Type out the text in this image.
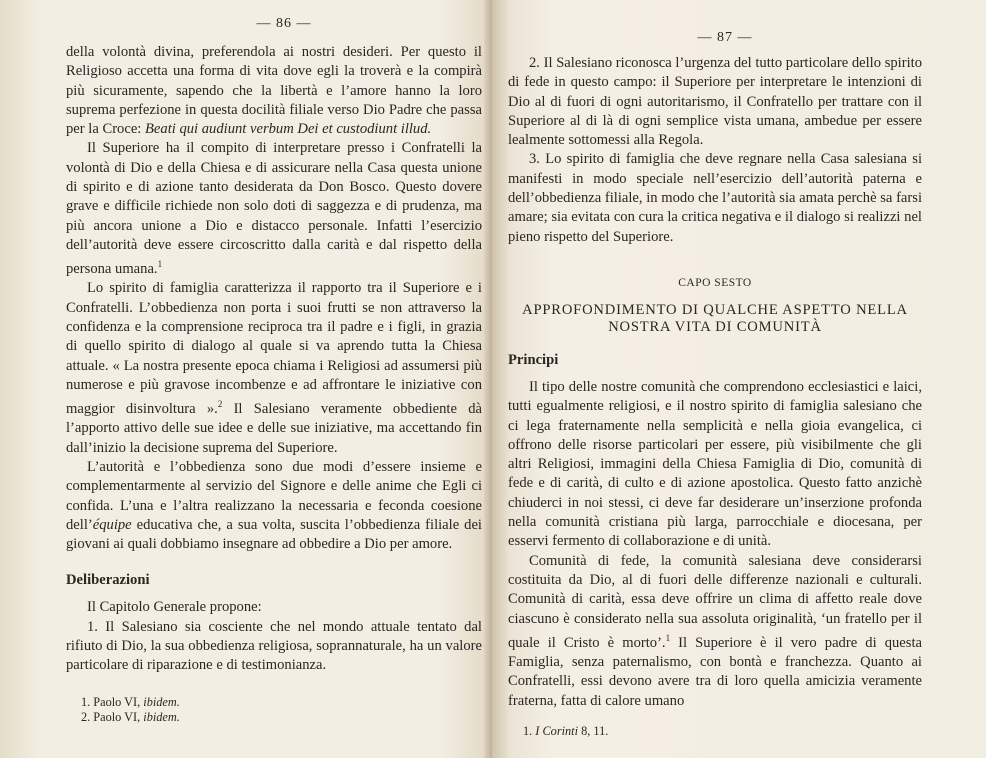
— 86 —

della volontà divina, preferendola ai nostri desideri. Per questo il Religioso accetta una forma di vita dove egli la troverà e la compirà più sicuramente, sapendo che la libertà e l’amore hanno la loro suprema perfezione in questa docilità filiale verso Dio Padre che passa per la Croce: Beati qui audiunt verbum Dei et custodiunt illud.

Il Superiore ha il compito di interpretare presso i Confratelli la volontà di Dio e della Chiesa e di assicurare nella Casa questa unione di spirito e di azione tanto desiderata da Don Bosco. Questo dovere grave e difficile richiede non solo doti di saggezza e di prudenza, ma più ancora unione a Dio e distacco personale. Infatti l’esercizio dell’autorità deve essere circoscritto dalla carità e dal rispetto della persona umana.$^1$

Lo spirito di famiglia caratterizza il rapporto tra il Superiore e i Confratelli. L’obbedienza non porta i suoi frutti se non attraverso la confidenza e la comprensione reciproca tra il padre e i figli, in grazia di quello spirito di dialogo al quale si va aprendo tutta la Chiesa attuale. « La nostra presente epoca chiama i Religiosi ad assumersi più numerose e più gravose incombenze e ad affrontare le iniziative con maggior disinvoltura ».$^2$ Il Salesiano veramente obbediente dà l’apporto attivo delle sue idee e delle sue iniziative, ma accettando fin dall’inizio la decisione suprema del Superiore.

L’autorità e l’obbedienza sono due modi d’essere insieme e complementarmente al servizio del Signore e delle anime che Egli ci confida. L’una e l’altra realizzano la necessaria e feconda coesione dell’équipe educativa che, a sua volta, suscita l’obbedienza filiale dei giovani ai quali dobbiamo insegnare ad obbedire a Dio per amore.

Deliberazioni

Il Capitolo Generale propone:

1. Il Salesiano sia cosciente che nel mondo attuale tentato dal rifiuto di Dio, la sua obbedienza religiosa, soprannaturale, ha un valore particolare di riparazione e di testimonianza.

1. Paolo VI, ibidem.
2. Paolo VI, ibidem.
— 87 —

2. Il Salesiano riconosca l’urgenza del tutto particolare dello spirito di fede in questo campo: il Superiore per interpretare le intenzioni di Dio al di fuori di ogni autoritarismo, il Confratello per trattare con il Superiore al di là di ogni semplice vista umana, ambedue per essere lealmente sottomessi alla Regola.

3. Lo spirito di famiglia che deve regnare nella Casa salesiana si manifesti in modo speciale nell’esercizio dell’autorità paterna e dell’obbedienza filiale, in modo che l’autorità sia amata perchè sa farsi amare; sia evitata con cura la critica negativa e il dialogo si realizzi nel pieno rispetto del Superiore.

CAPO SESTO
APPROFONDIMENTO DI QUALCHE ASPETTO NELLA
NOSTRA VITA DI COMUNITÀ
Principi

Il tipo delle nostre comunità che comprendono ecclesiastici e laici, tutti egualmente religiosi, e il nostro spirito di famiglia salesiano che ci lega fraternamente nella semplicità e nella gioia evangelica, ci offrono delle risorse particolari per essere, più visibilmente che gli altri Religiosi, immagini della Chiesa Famiglia di Dio, comunità di fede e di carità, di culto e di azione apostolica. Questo fatto anzichè chiuderci in noi stessi, ci deve far desiderare un’inserzione profonda nella comunità cristiana più larga, parrocchiale e diocesana, per esservi fermento di collaborazione e di unità.

Comunità di fede, la comunità salesiana deve considerarsi costituita da Dio, al di fuori delle differenze nazionali e culturali. Comunità di carità, essa deve offrire un clima di affetto reale dove ciascuno è considerato nella sua assoluta originalità, ‘un fratello per il quale il Cristo è morto’.$^1$ Il Superiore è il vero padre di questa Famiglia, senza paternalismo, con bontà e franchezza. Quanto ai Confratelli, essi devono avere tra di loro quella amicizia veramente fraterna, fatta di calore umano

1. I Corinti 8, 11.
